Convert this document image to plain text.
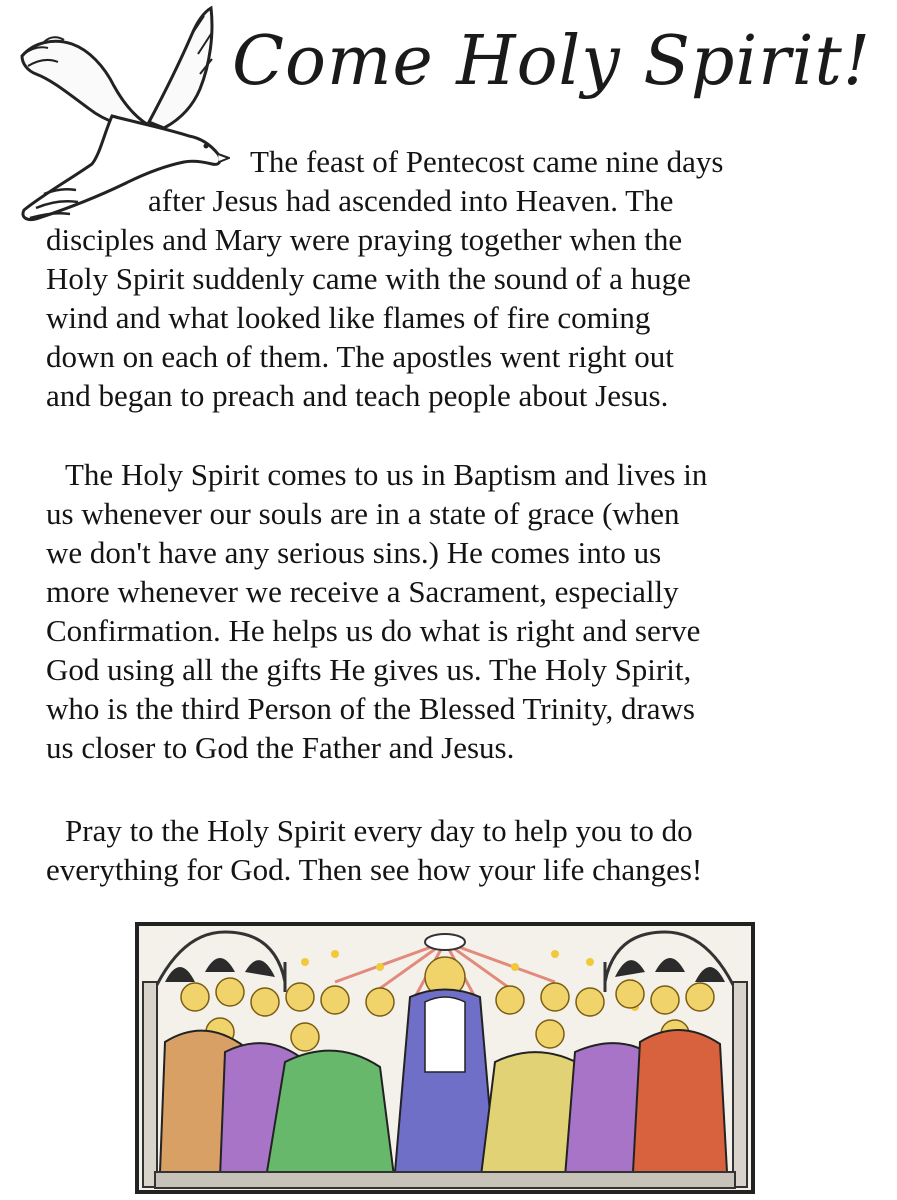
Come Holy Spirit!
The feast of Pentecost came nine days
after Jesus had ascended into Heaven. The
disciples and Mary were praying together when the
Holy Spirit suddenly came with the sound of a huge
wind and what looked like flames of fire coming
down on each of them. The apostles went right out
and began to preach and teach people about Jesus.
The Holy Spirit comes to us in Baptism and lives in
us whenever our souls are in a state of grace (when
we don't have any serious sins.) He comes into us
more whenever we receive a Sacrament, especially
Confirmation. He helps us do what is right and serve
God using all the gifts He gives us. The Holy Spirit,
who is the third Person of the Blessed Trinity, draws
us closer to God the Father and Jesus.
Pray to the Holy Spirit every day to help you to do
everything for God. Then see how your life changes!
